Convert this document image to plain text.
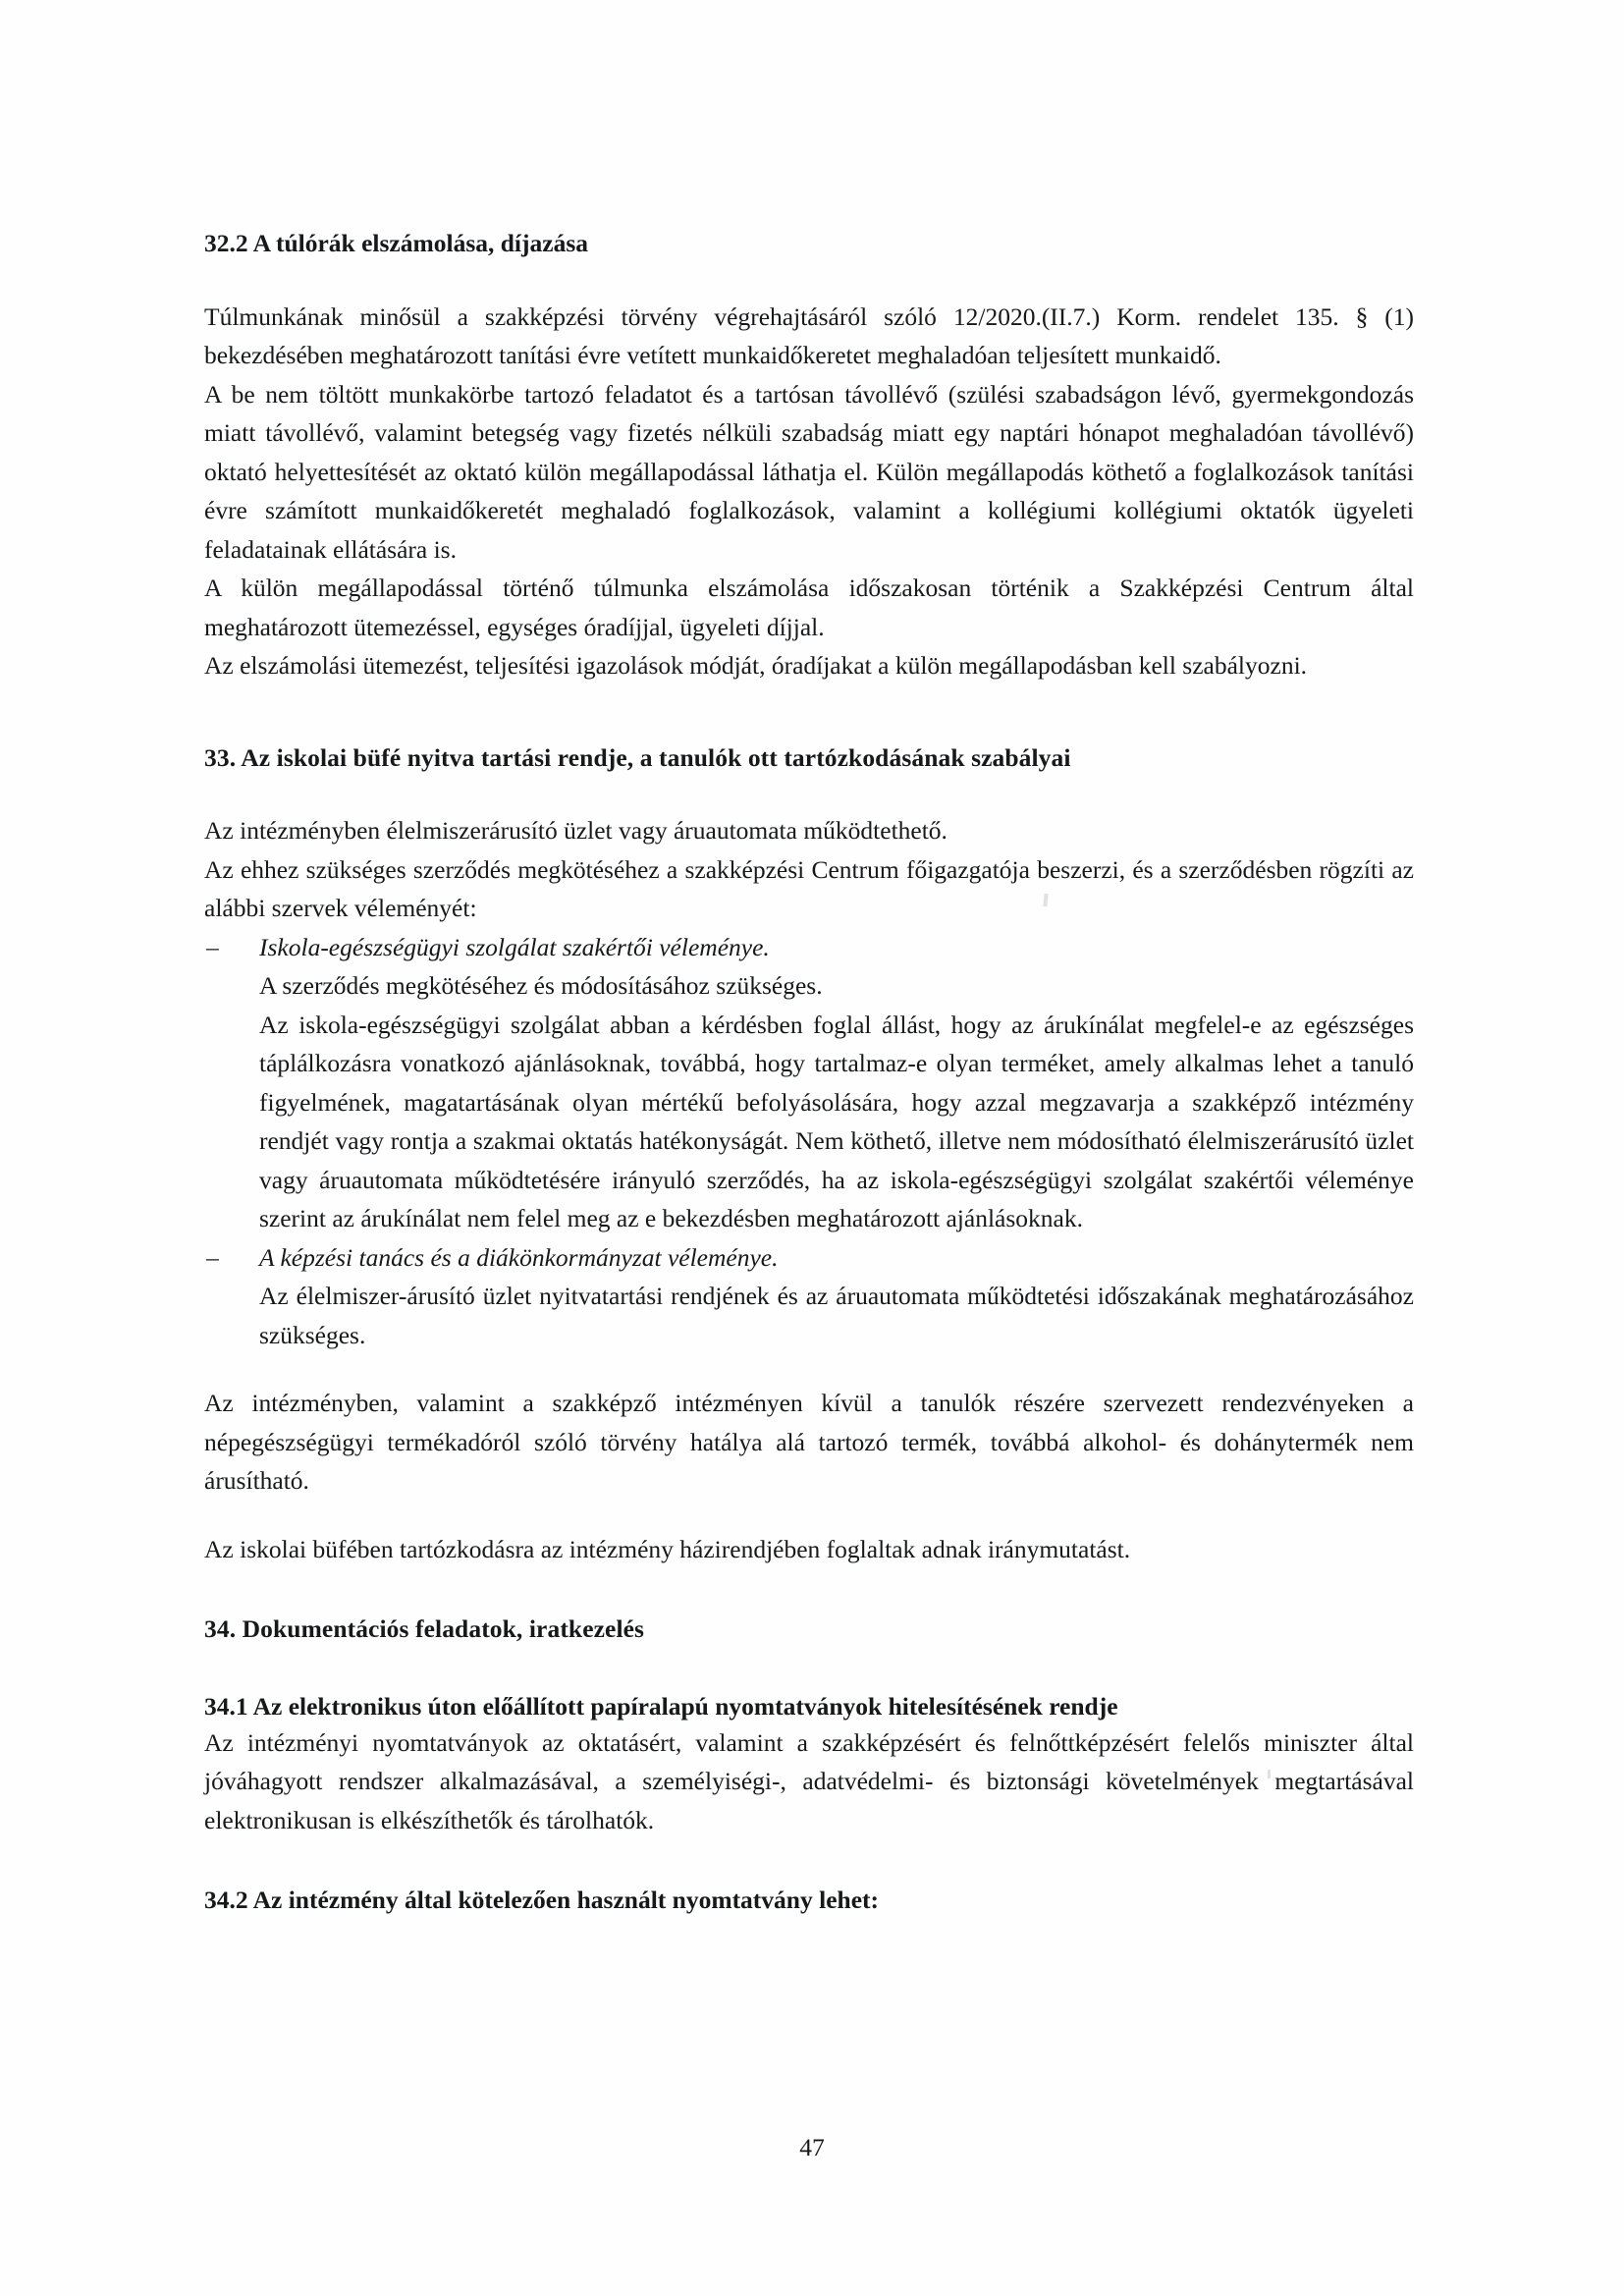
32.2 A túlórák elszámolása, díjazása

Túlmunkának minősül a szakképzési törvény végrehajtásáról szóló 12/2020.(II.7.) Korm. rendelet 135. § (1) bekezdésében meghatározott tanítási évre vetített munkaidőkeretet meghaladóan teljesített munkaidő.

A be nem töltött munkakörbe tartozó feladatot és a tartósan távollévő (szülési szabadságon lévő, gyermekgondozás miatt távollévő, valamint betegség vagy fizetés nélküli szabadság miatt egy naptári hónapot meghaladóan távollévő) oktató helyettesítését az oktató külön megállapodással láthatja el. Külön megállapodás köthető a foglalkozások tanítási évre számított munkaidőkeretét meghaladó foglalkozások, valamint a kollégiumi kollégiumi oktatók ügyeleti feladatainak ellátására is.

A külön megállapodással történő túlmunka elszámolása időszakosan történik a Szakképzési Centrum által meghatározott ütemezéssel, egységes óradíjjal, ügyeleti díjjal.

Az elszámolási ütemezést, teljesítési igazolások módját, óradíjakat a külön megállapodásban kell szabályozni.

33. Az iskolai büfé nyitva tartási rendje, a tanulók ott tartózkodásának szabályai

Az intézményben élelmiszerárusító üzlet vagy áruautomata működtethető.

Az ehhez szükséges szerződés megkötéséhez a szakképzési Centrum főigazgatója beszerzi, és a szerződésben rögzíti az alábbi szervek véleményét:

– Iskola-egészségügyi szolgálat szakértői véleménye.
A szerződés megkötéséhez és módosításához szükséges.
Az iskola-egészségügyi szolgálat abban a kérdésben foglal állást, hogy az árukínálat megfelel-e az egészséges táplálkozásra vonatkozó ajánlásoknak, továbbá, hogy tartalmaz-e olyan terméket, amely alkalmas lehet a tanuló figyelmének, magatartásának olyan mértékű befolyásolására, hogy azzal megzavarja a szakképző intézmény rendjét vagy rontja a szakmai oktatás hatékonyságát. Nem köthető, illetve nem módosítható élelmiszerárusító üzlet vagy áruautomata működtetésére irányuló szerződés, ha az iskola-egészségügyi szolgálat szakértői véleménye szerint az árukínálat nem felel meg az e bekezdésben meghatározott ajánlásoknak.
– A képzési tanács és a diákönkormányzat véleménye.
Az élelmiszer-árusító üzlet nyitvatartási rendjének és az áruautomata működtetési időszakának meghatározásához szükséges.

Az intézményben, valamint a szakképző intézményen kívül a tanulók részére szervezett rendezvényeken a népegészségügyi termékadóról szóló törvény hatálya alá tartozó termék, továbbá alkohol- és dohánytermék nem árusítható.

Az iskolai büfében tartózkodásra az intézmény házirendjében foglaltak adnak iránymutatást.

34. Dokumentációs feladatok, iratkezelés
34.1 Az elektronikus úton előállított papíralapú nyomtatványok hitelesítésének rendje

Az intézményi nyomtatványok az oktatásért, valamint a szakképzésért és felnőttképzésért felelős miniszter által jóváhagyott rendszer alkalmazásával, a személyiségi-, adatvédelmi- és biztonsági követelmények megtartásával elektronikusan is elkészíthetők és tárolhatók.

34.2 Az intézmény által kötelezően használt nyomtatvány lehet:
47
